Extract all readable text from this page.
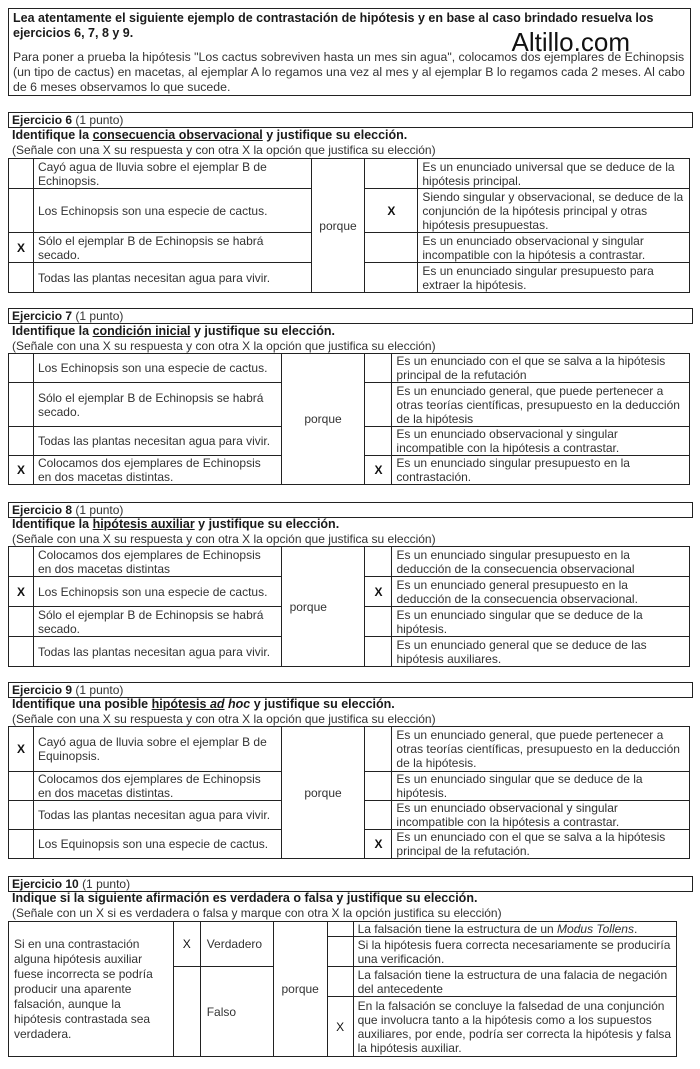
Lea atentamente el siguiente ejemplo de contrastación de hipótesis y en base al caso brindado resuelva los ejercicios 6, 7, 8 y 9.	Altillo.com
Para poner a prueba la hipótesis "Los cactus sobreviven hasta un mes sin agua", colocamos dos ejemplares de Echinopsis (un tipo de cactus) en macetas, al ejemplar A lo regamos una vez al mes y al ejemplar B lo regamos cada 2 meses. Al cabo de 6 meses observamos lo que sucede.
Ejercicio 6 (1 punto)
Identifique la consecuencia observacional y justifique su elección.
(Señale con una X su respuesta y con otra X la opción que justifica su elección)
	Cayó agua de lluvia sobre el ejemplar B de Echinopsis.	porque		Es un enunciado universal que se deduce de la hipótesis principal.
	Los Echinopsis son una especie de cactus.		X	Siendo singular y observacional, se deduce de la conjunción de la hipótesis principal y otras hipótesis presupuestas.
X	Sólo el ejemplar B de Echinopsis se habrá secado.			Es un enunciado observacional y singular incompatible con la hipótesis a contrastar.
	Todas las plantas necesitan agua para vivir.			Es un enunciado singular presupuesto para extraer la hipótesis.
Ejercicio 7 (1 punto)
Identifique la condición inicial y justifique su elección.
(Señale con una X su respuesta y con otra X la opción que justifica su elección)
	Los Echinopsis son una especie de cactus.	porque		Es un enunciado con el que se salva a la hipótesis principal de la refutación
	Sólo el ejemplar B de Echinopsis se habrá secado.			Es un enunciado general, que puede pertenecer a otras teorías científicas, presupuesto en la deducción de la hipótesis
	Todas las plantas necesitan agua para vivir.			Es un enunciado observacional y singular incompatible con la hipótesis a contrastar.
X	Colocamos dos ejemplares de Echinopsis en dos macetas distintas.		X	Es un enunciado singular presupuesto en la contrastación.
Ejercicio 8 (1 punto)
Identifique la hipótesis auxiliar y justifique su elección.
(Señale con una X su respuesta y con otra X la opción que justifica su elección)
	Colocamos dos ejemplares de Echinopsis en dos macetas distintas	porque		Es un enunciado singular presupuesto en la deducción de la consecuencia observacional
X	Los Echinopsis son una especie de cactus.		X	Es un enunciado general presupuesto en la deducción de la consecuencia observacional.
	Sólo el ejemplar B de Echinopsis se habrá secado.			Es un enunciado singular que se deduce de la hipótesis.
	Todas las plantas necesitan agua para vivir.			Es un enunciado general que se deduce de las hipótesis auxiliares.
Ejercicio 9 (1 punto)
Identifique una posible hipótesis ad hoc y justifique su elección.
(Señale con una X su respuesta y con otra X la opción que justifica su elección)
X	Cayó agua de lluvia sobre el ejemplar B de Equinopsis.	porque		Es un enunciado general, que puede pertenecer a otras teorías científicas, presupuesto en la deducción de la hipótesis.
	Colocamos dos ejemplares de Echinopsis en dos macetas distintas.			Es un enunciado singular que se deduce de la hipótesis.
	Todas las plantas necesitan agua para vivir.			Es un enunciado observacional y singular incompatible con la hipótesis a contrastar.
	Los Equinopsis son una especie de cactus.		X	Es un enunciado con el que se salva a la hipótesis principal de la refutación.
Ejercicio 10 (1 punto)
Indique si la siguiente afirmación es verdadera o falsa y justifique su elección.
(Señale con un X si es verdadera o falsa y marque con otra X la opción justifica su elección)
Si en una contrastación alguna hipótesis auxiliar fuese incorrecta se podría producir una aparente falsación, aunque la hipótesis contrastada sea verdadera.	X	Verdadero	porque		La falsación tiene la estructura de un Modus Tollens.
					Si la hipótesis fuera correcta necesariamente se produciría una verificación.

		Falso			La falsación tiene la estructura de una falacia de negación del antecedente
				X	En la falsación se concluye la falsedad de una conjunción que involucra tanto a la hipótesis como a los supuestos auxiliares, por ende, podría ser correcta la hipótesis y falsa la hipótesis auxiliar.
